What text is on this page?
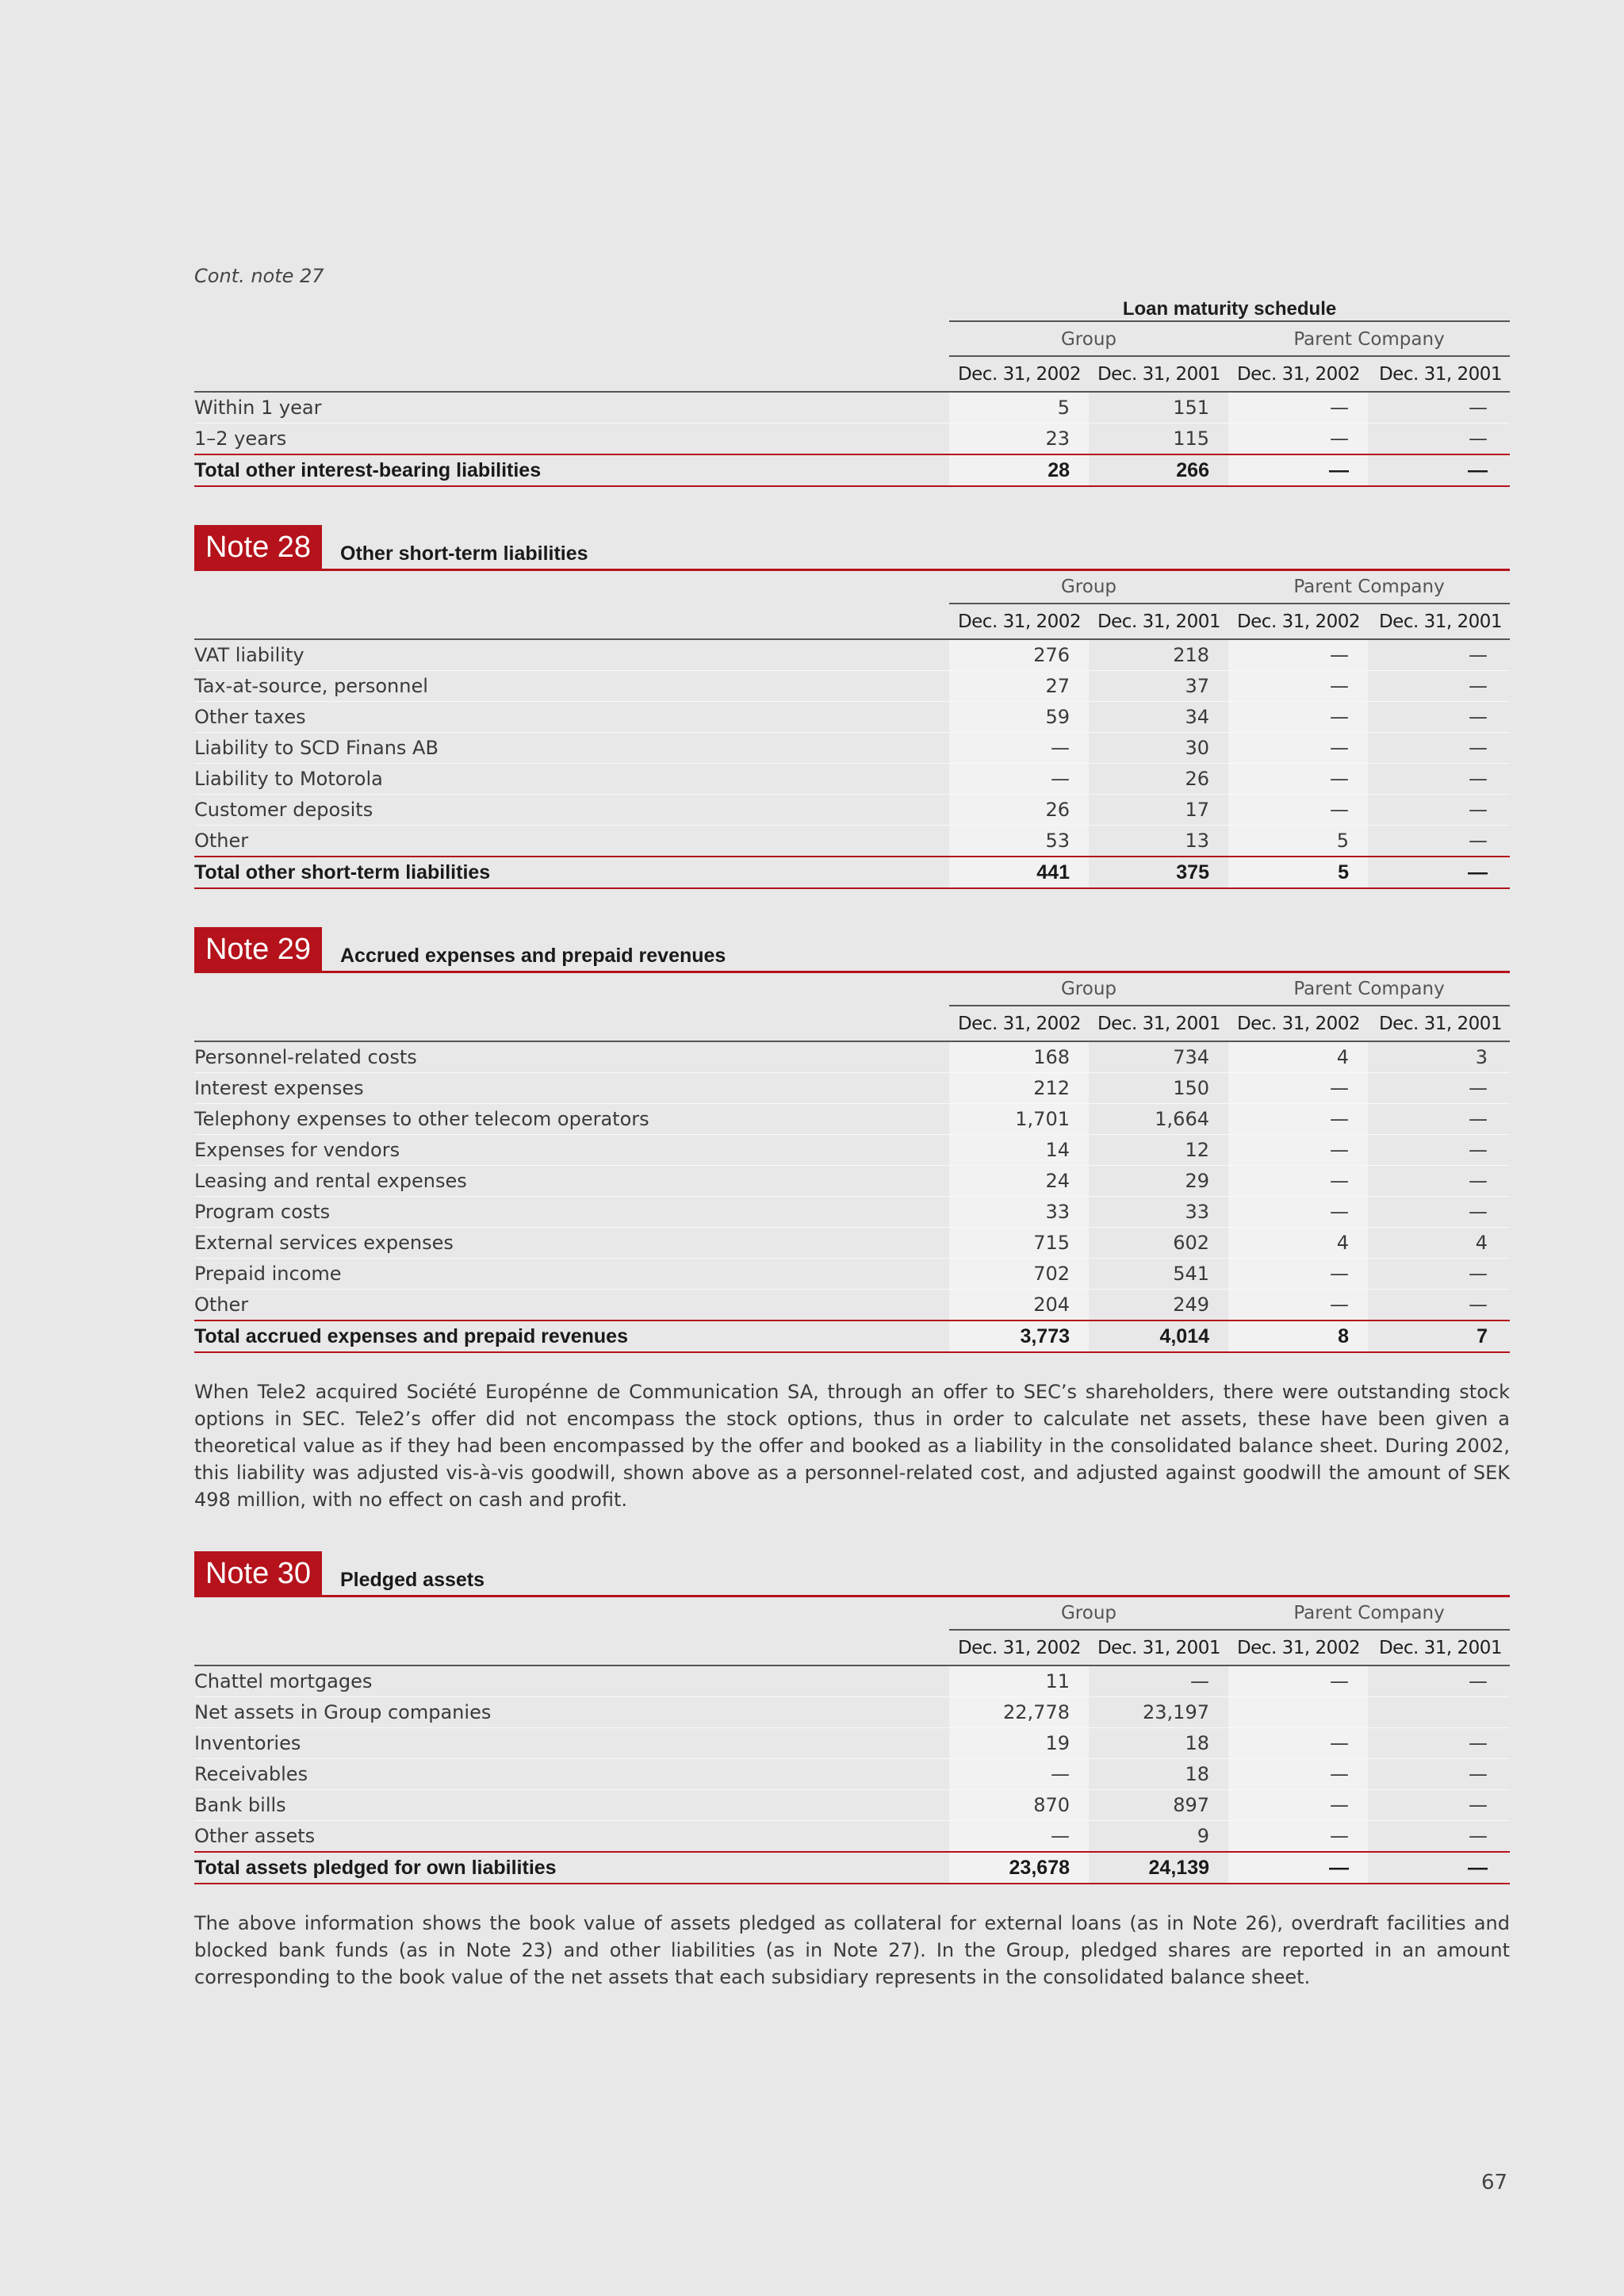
Cont. note 27

	Loan maturity schedule			

	Group		Parent Company	
	Dec. 31, 2002	Dec. 31, 2001	Dec. 31, 2002	Dec. 31, 2001
Within 1 year	5	151	—	—
1–2 years	23	115	—	—
Total other interest-bearing liabilities	28	266	—	—
Note 28	Other short-term liabilities
	Group		Parent Company	
	Dec. 31, 2002	Dec. 31, 2001	Dec. 31, 2002	Dec. 31, 2001
VAT liability	276	218	—	—
Tax-at-source, personnel	27	37	—	—
Other taxes	59	34	—	—
Liability to SCD Finans AB	—	30	—	—
Liability to Motorola	—	26	—	—
Customer deposits	26	17	—	—
Other	53	13	5	—
Total other short-term liabilities	441	375	5	—
Note 29	Accrued expenses and prepaid revenues
	Group		Parent Company	
	Dec. 31, 2002	Dec. 31, 2001	Dec. 31, 2002	Dec. 31, 2001
Personnel-related costs	168	734	4	3
Interest expenses	212	150	—	—
Telephony expenses to other telecom operators	1,701	1,664	—	—
Expenses for vendors	14	12	—	—
Leasing and rental expenses	24	29	—	—
Program costs	33	33	—	—
External services expenses	715	602	4	4
Prepaid income	702	541	—	—
Other	204	249	—	—
Total accrued expenses and prepaid revenues	3,773	4,014	8	7

When Tele2 acquired Société Europénne de Communication SA, through an offer to SEC’s shareholders, there were outstanding stock options in SEC. Tele2’s offer did not encompass the stock options, thus in order to calculate net assets, these have been given a theoretical value as if they had been encompassed by the offer and booked as a liability in the consolidated balance sheet. During 2002, this liability was adjusted vis-à-vis goodwill, shown above as a personnel-related cost, and adjusted against goodwill the amount of SEK 498 million, with no effect on cash and profit.

Note 30	Pledged assets
	Group		Parent Company	
	Dec. 31, 2002	Dec. 31, 2001	Dec. 31, 2002	Dec. 31, 2001
Chattel mortgages	11	—	—	—
Net assets in Group companies	22,778	23,197		
Inventories	19	18	—	—
Receivables	—	18	—	—
Bank bills	870	897	—	—
Other assets	—	9	—	—
Total assets pledged for own liabilities	23,678	24,139	—	—

The above information shows the book value of assets pledged as collateral for external loans (as in Note 26), overdraft facilities and blocked bank funds (as in Note 23) and other liabilities (as in Note 27). In the Group, pledged shares are reported in an amount corresponding to the book value of the net assets that each subsidiary represents in the consolidated balance sheet.

67
